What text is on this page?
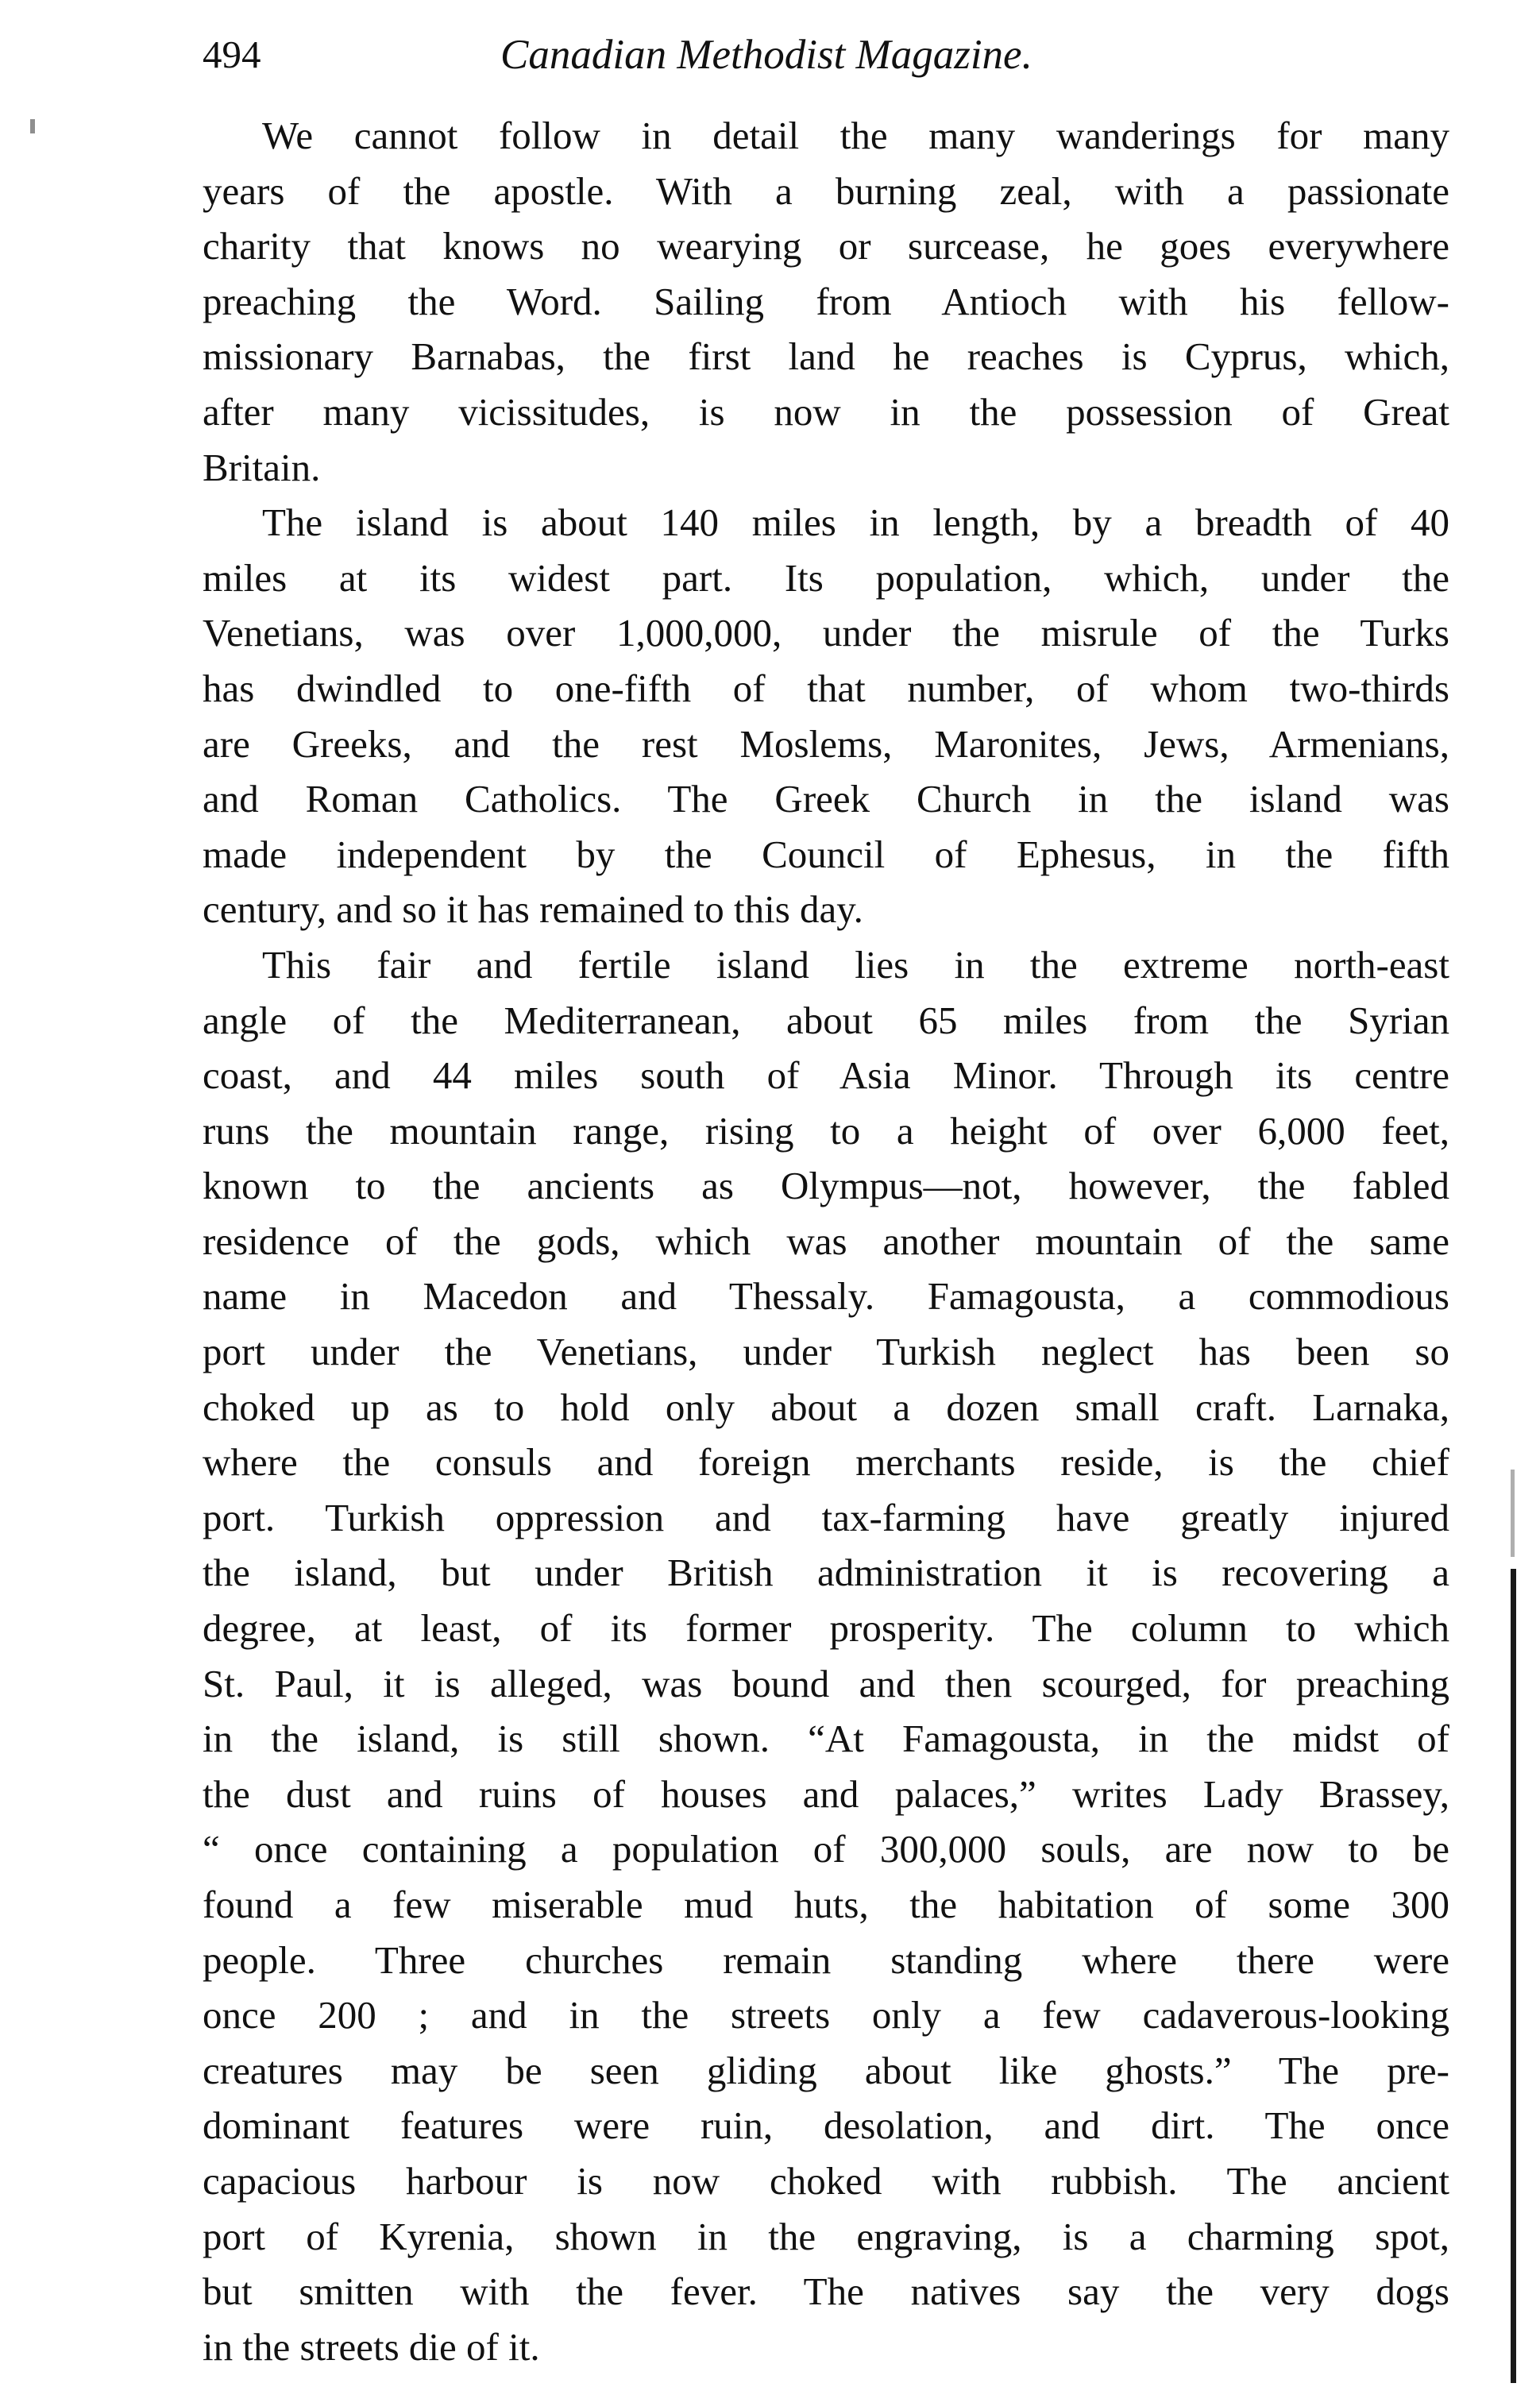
494	Canadian Methodist Magazine.
We cannot follow in detail the many wanderings for many
years of the apostle. With a burning zeal, with a passionate
charity that knows no wearying or surcease, he goes everywhere
preaching the Word. Sailing from Antioch with his fellow-
missionary Barnabas, the first land he reaches is Cyprus, which,
after many vicissitudes, is now in the possession of Great
Britain.
The island is about 140 miles in length, by a breadth of 40
miles at its widest part. Its population, which, under the
Venetians, was over 1,000,000, under the misrule of the Turks
has dwindled to one-fifth of that number, of whom two-thirds
are Greeks, and the rest Moslems, Maronites, Jews, Armenians,
and Roman Catholics. The Greek Church in the island was
made independent by the Council of Ephesus, in the fifth
century, and so it has remained to this day.
This fair and fertile island lies in the extreme north-east
angle of the Mediterranean, about 65 miles from the Syrian
coast, and 44 miles south of Asia Minor. Through its centre
runs the mountain range, rising to a height of over 6,000 feet,
known to the ancients as Olympus—not, however, the fabled
residence of the gods, which was another mountain of the same
name in Macedon and Thessaly. Famagousta, a commodious
port under the Venetians, under Turkish neglect has been so
choked up as to hold only about a dozen small craft. Larnaka,
where the consuls and foreign merchants reside, is the chief
port. Turkish oppression and tax-farming have greatly injured
the island, but under British administration it is recovering a
degree, at least, of its former prosperity. The column to which
St. Paul, it is alleged, was bound and then scourged, for preaching
in the island, is still shown. “At Famagousta, in the midst of
the dust and ruins of houses and palaces,” writes Lady Brassey,
“ once containing a population of 300,000 souls, are now to be
found a few miserable mud huts, the habitation of some 300
people. Three churches remain standing where there were
once 200 ; and in the streets only a few cadaverous-looking
creatures may be seen gliding about like ghosts.” The pre-
dominant features were ruin, desolation, and dirt. The once
capacious harbour is now choked with rubbish. The ancient
port of Kyrenia, shown in the engraving, is a charming spot,
but smitten with the fever. The natives say the very dogs
in the streets die of it.
